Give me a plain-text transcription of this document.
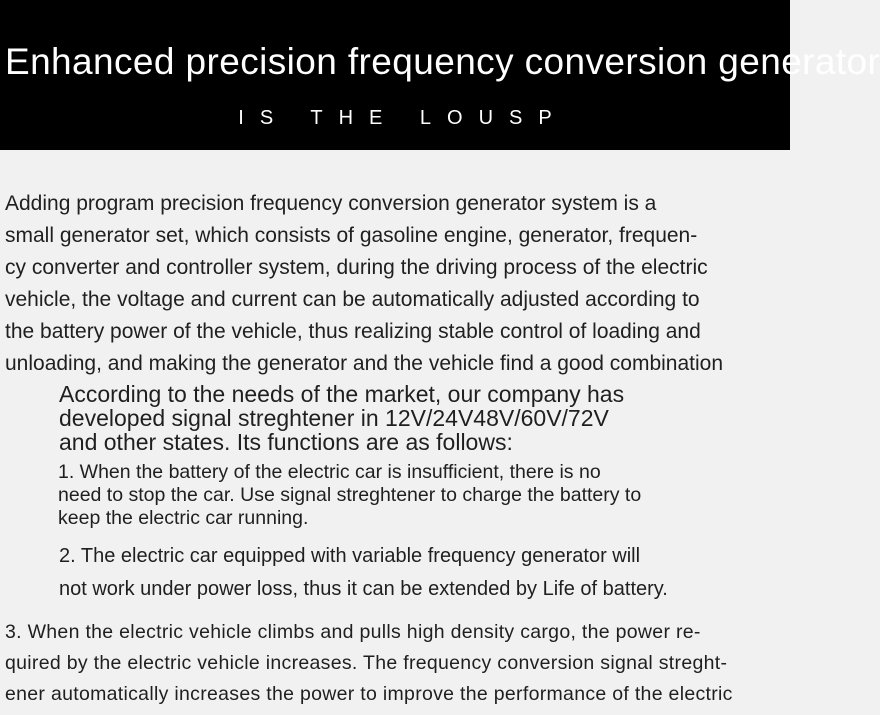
Enhanced precision frequency conversion generator
IS THE LOUSP
Adding program precision frequency conversion generator system is a
small generator set, which consists of gasoline engine, generator, frequen-
cy converter and controller system, during the driving process of the electric
vehicle, the voltage and current can be automatically adjusted according to
the battery power of the vehicle, thus realizing stable control of loading and
unloading, and making the generator and the vehicle find a good combination
According to the needs of the market, our company has
developed signal streghtener in 12V/24V48V/60V/72V
and other states. Its functions are as follows:
1. When the battery of the electric car is insufficient, there is no
need to stop the car. Use signal streghtener to charge the battery to
keep the electric car running.
2. The electric car equipped with variable frequency generator will
not work under power loss, thus it can be extended by Life of battery.
3. When the electric vehicle climbs and pulls high density cargo, the power re-
quired by the electric vehicle increases. The frequency conversion signal streght-
ener automatically increases the power to improve the performance of the electric
